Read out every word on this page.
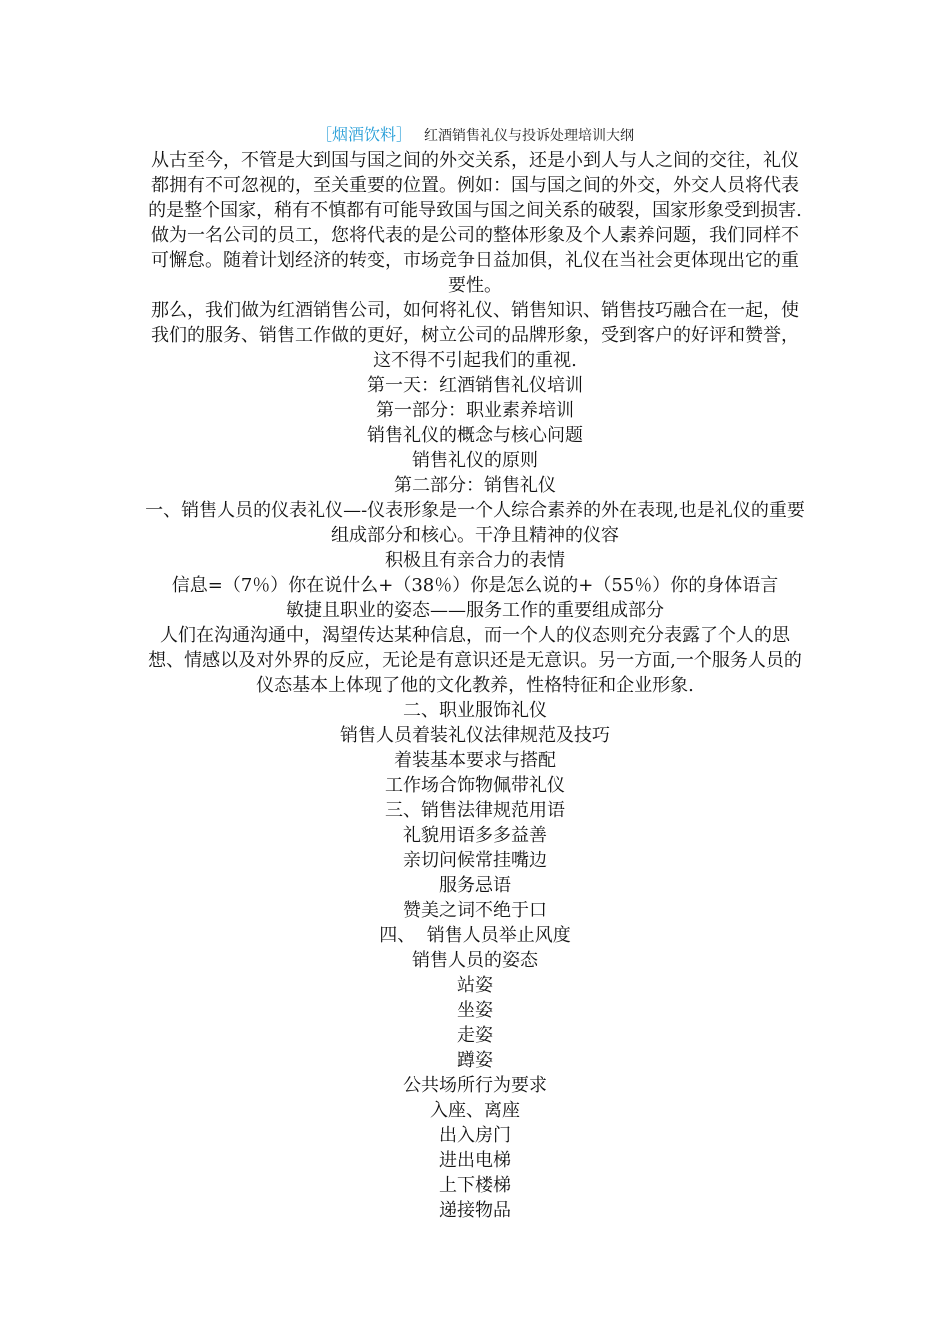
［烟酒饮料］ 红酒销售礼仪与投诉处理培训大纲

从古至今，不管是大到国与国之间的外交关系，还是小到人与人之间的交往，礼仪都拥有不可忽视的，至关重要的位置。例如：国与国之间的外交，外交人员将代表的是整个国家，稍有不慎都有可能导致国与国之间关系的破裂，国家形象受到损害.做为一名公司的员工，您将代表的是公司的整体形象及个人素养问题，我们同样不可懈怠。随着计划经济的转变，市场竞争日益加俱，礼仪在当社会更体现出它的重要性。

那么，我们做为红酒销售公司，如何将礼仪、销售知识、销售技巧融合在一起，使我们的服务、销售工作做的更好，树立公司的品牌形象，受到客户的好评和赞誉，这不得不引起我们的重视.

第一天：红酒销售礼仪培训
第一部分：职业素养培训
销售礼仪的概念与核心问题
销售礼仪的原则
第二部分：销售礼仪
一、销售人员的仪表礼仪—-仪表形象是一个人综合素养的外在表现,也是礼仪的重要组成部分和核心。干净且精神的仪容
积极且有亲合力的表情
信息=（7％）你在说什么+（38％）你是怎么说的+（55％）你的身体语言
敏捷且职业的姿态——服务工作的重要组成部分
人们在沟通沟通中，渴望传达某种信息，而一个人的仪态则充分表露了个人的思想、情感以及对外界的反应，无论是有意识还是无意识。另一方面,一个服务人员的仪态基本上体现了他的文化教养，性格特征和企业形象.
二、职业服饰礼仪
销售人员着装礼仪法律规范及技巧
着装基本要求与搭配
工作场合饰物佩带礼仪
三、销售法律规范用语
礼貌用语多多益善
亲切问候常挂嘴边
服务忌语
赞美之词不绝于口
四、  销售人员举止风度
销售人员的姿态
站姿
坐姿
走姿
蹲姿
公共场所行为要求
入座、离座
出入房门
进出电梯
上下楼梯
递接物品
